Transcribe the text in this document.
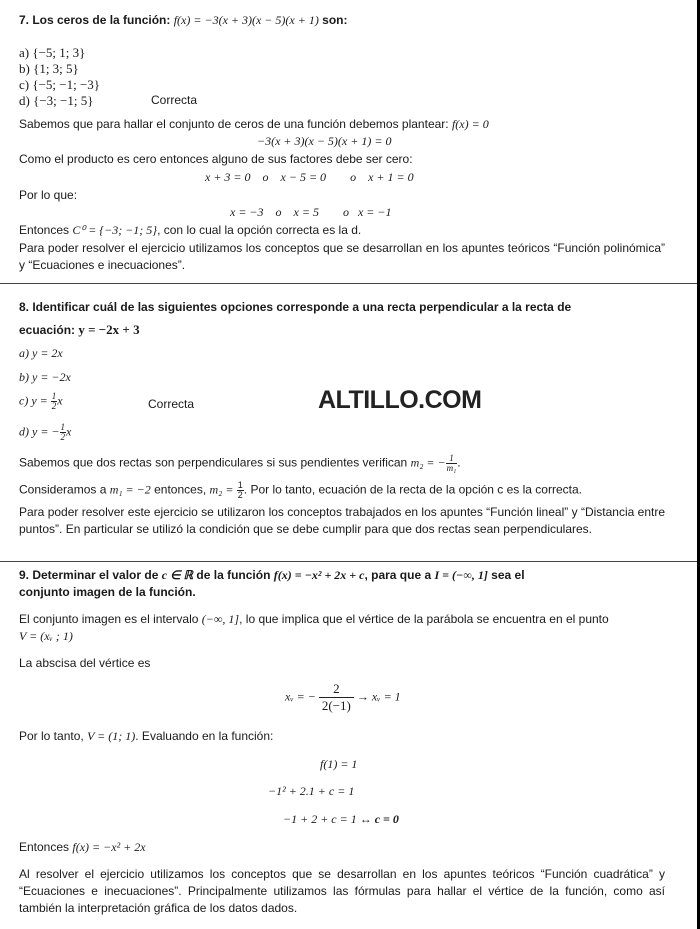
7. Los ceros de la función: f(x) = −3(x + 3)(x − 5)(x + 1) son:
a) {−5; 1; 3}
b) {1; 3; 5}
c) {−5; −1; −3}
d) {−3; −1; 5}	Correcta
Sabemos que para hallar el conjunto de ceros de una función debemos plantear: f(x) = 0
−3(x + 3)(x − 5)(x + 1) = 0
Como el producto es cero entonces alguno de sus factores debe ser cero:
x + 3 = 0 o x − 5 = 0 o x + 1 = 0
Por lo que:
x = −3 o x = 5 o x = −1
Entonces C⁰ = {−3; −1; 5}, con lo cual la opción correcta es la d.
Para poder resolver el ejercicio utilizamos los conceptos que se desarrollan en los apuntes teóricos “Función polinómica” y “Ecuaciones e inecuaciones”.
8. Identificar cuál de las siguientes opciones corresponde a una recta perpendicular a la recta de
ecuación: y = −2x + 3
a) y = 2x
b) y = −2x
c) $y = \frac{1}{2}$ x	Correcta	ALTILLO.COM
d) y = − $\frac{1}{2}$ x
Sabemos que dos rectas son perpendiculares si sus pendientes verifican m₂ = − $\frac{1}{\text{m₁}}$ .
Consideramos a m₁ = −2 entonces, $m_2 = \frac{1}{2}$ . Por lo tanto, ecuación de la recta de la opción c es la correcta.
Para poder resolver este ejercicio se utilizaron los conceptos trabajados en los apuntes “Función lineal” y “Distancia entre puntos”. En particular se utilizó la condición que se debe cumplir para que dos rectas sean perpendiculares.
9. Determinar el valor de c ∈ ℝ de la función f(x) = −x² + 2x + c, para que a I = (−∞, 1] sea el
conjunto imagen de la función.
El conjunto imagen es el intervalo (−∞, 1], lo que implica que el vértice de la parábola se encuentra en el punto
V = (xᵥ ; 1)
La abscisa del vértice es
xᵥ = − $\frac{2}{2(-1)}$ → xᵥ = 1
Por lo tanto, V = (1; 1). Evaluando en la función:
f(1) = 1
−1² + 2.1 + c = 1
−1 + 2 + c = 1 ↔ c = 0
Entonces f(x) = −x² + 2x
Al resolver el ejercicio utilizamos los conceptos que se desarrollan en los apuntes teóricos “Función cuadrática” y “Ecuaciones e inecuaciones”. Principalmente utilizamos las fórmulas para hallar el vértice de la función, como así también la interpretación gráfica de los datos dados.
